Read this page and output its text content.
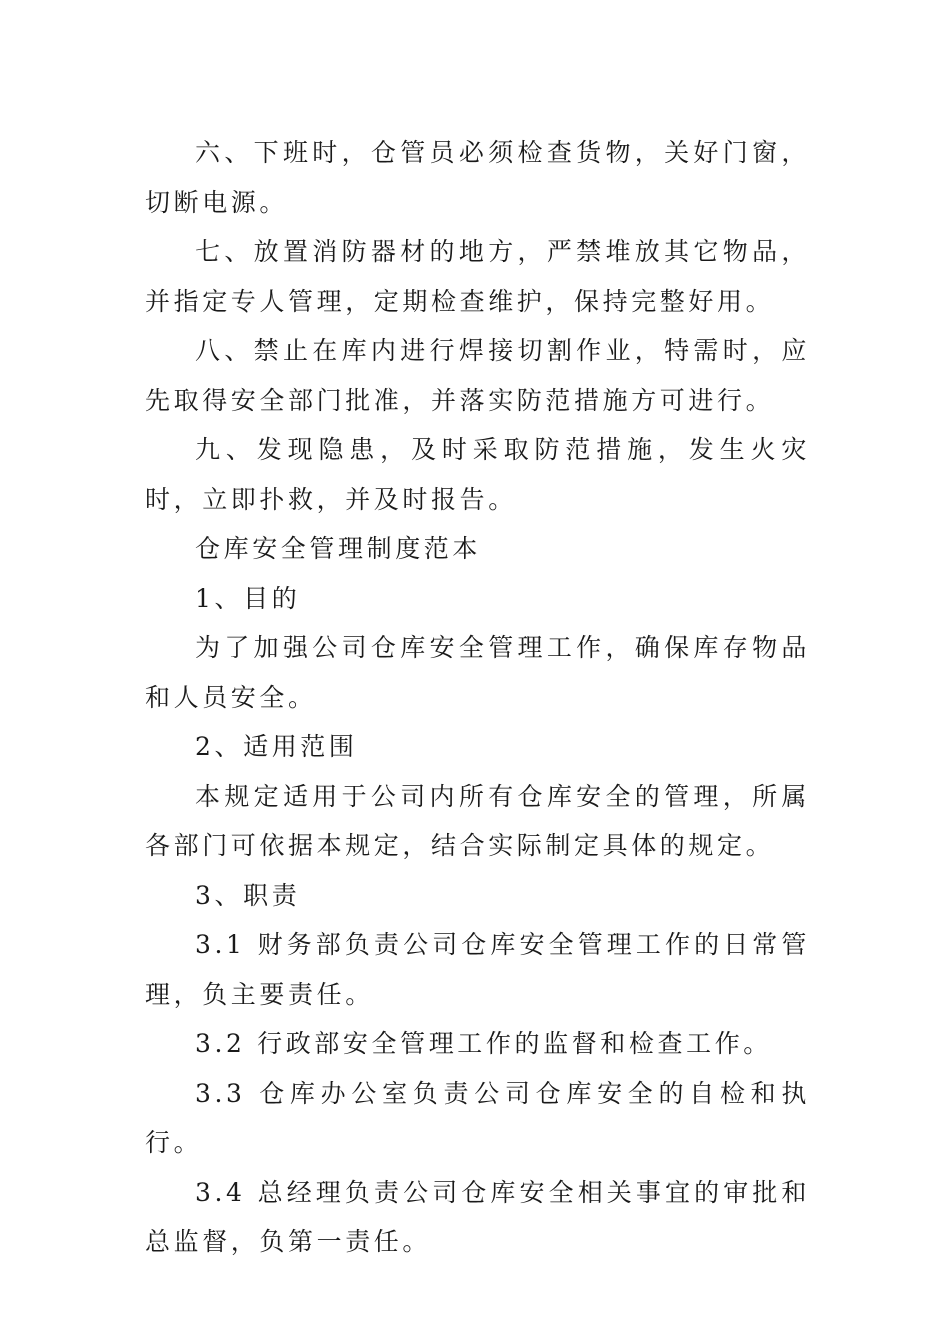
六、下班时，仓管员必须检查货物，关好门窗，切断电源。

七、放置消防器材的地方，严禁堆放其它物品，并指定专人管理，定期检查维护，保持完整好用。

八、禁止在库内进行焊接切割作业，特需时，应先取得安全部门批准，并落实防范措施方可进行。

九、发现隐患，及时采取防范措施，发生火灾时，立即扑救，并及时报告。

仓库安全管理制度范本

1、目的

为了加强公司仓库安全管理工作，确保库存物品和人员安全。

2、适用范围

本规定适用于公司内所有仓库安全的管理，所属各部门可依据本规定，结合实际制定具体的规定。

3、职责

3.1 财务部负责公司仓库安全管理工作的日常管理，负主要责任。

3.2 行政部安全管理工作的监督和检查工作。

3.3 仓库办公室负责公司仓库安全的自检和执行。

3.4 总经理负责公司仓库安全相关事宜的审批和总监督，负第一责任。
